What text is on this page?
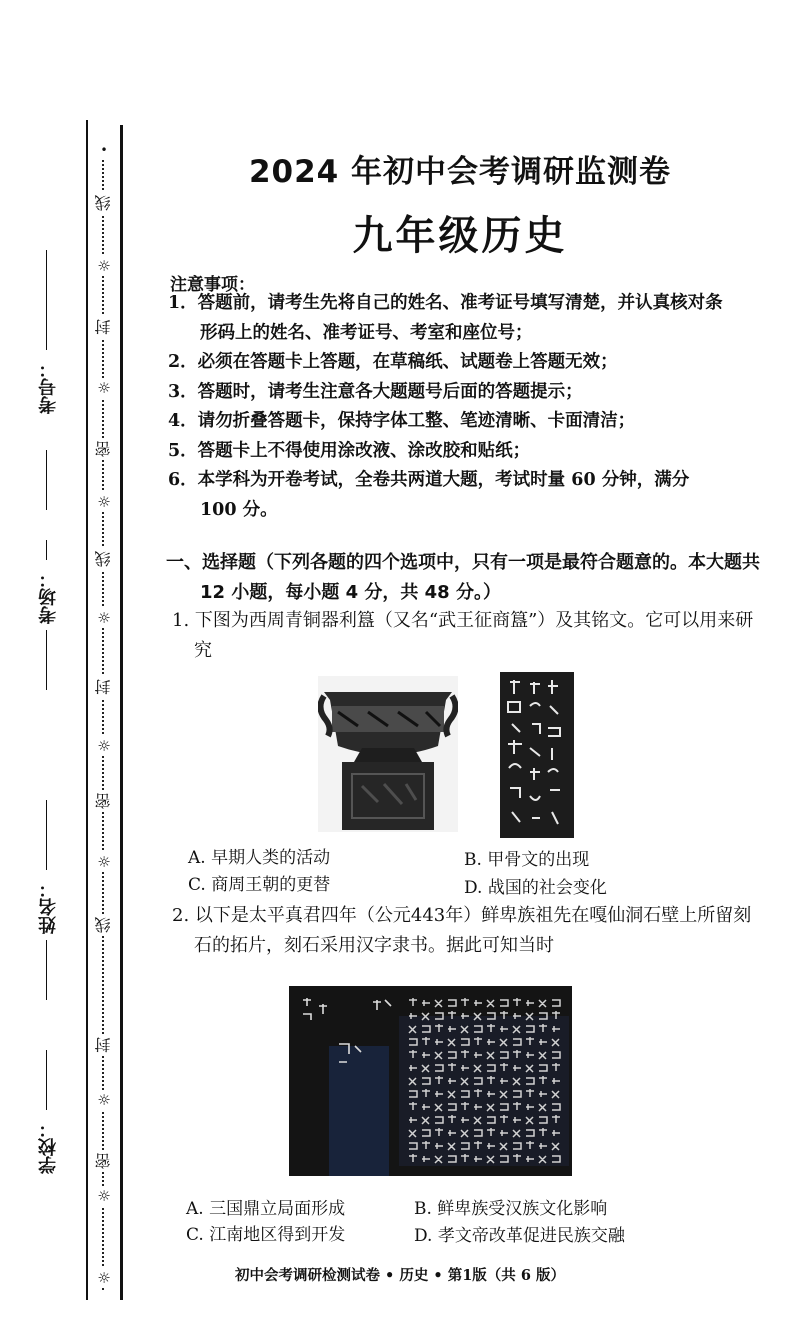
☼
☼
密
☼
封
线
☼
密
☼
封
☼
线
☼
密
☼
封
☼
线
•
学校：
姓名：
考场：
考号：
2024 年初中会考调研监测卷
九年级历史
注意事项：
1．答题前，请考生先将自己的姓名、准考证号填写清楚，并认真核对条形码上的姓名、准考证号、考室和座位号；
2．必须在答题卡上答题，在草稿纸、试题卷上答题无效；
3．答题时，请考生注意各大题题号后面的答题提示；
4．请勿折叠答题卡，保持字体工整、笔迹清晰、卡面清洁；
5．答题卡上不得使用涂改液、涂改胶和贴纸；
6．本学科为开卷考试，全卷共两道大题，考试时量 60 分钟，满分 100 分。
一、选择题（下列各题的四个选项中，只有一项是最符合题意的。本大题共 12 小题，每小题 4 分，共 48 分。）
1. 下图为西周青铜器利簋（又名“武王征商簋”）及其铭文。它可以用来研究
A. 早期人类的活动	B. 甲骨文的出现
C. 商周王朝的更替	D. 战国的社会变化
2. 以下是太平真君四年（公元443年）鲜卑族祖先在嘎仙洞石壁上所留刻石的拓片，刻石采用汉字隶书。据此可知当时
A. 三国鼎立局面形成	B. 鲜卑族受汉族文化影响
C. 江南地区得到开发	D. 孝文帝改革促进民族交融
初中会考调研检测试卷 • 历史 • 第1版（共 6 版）
